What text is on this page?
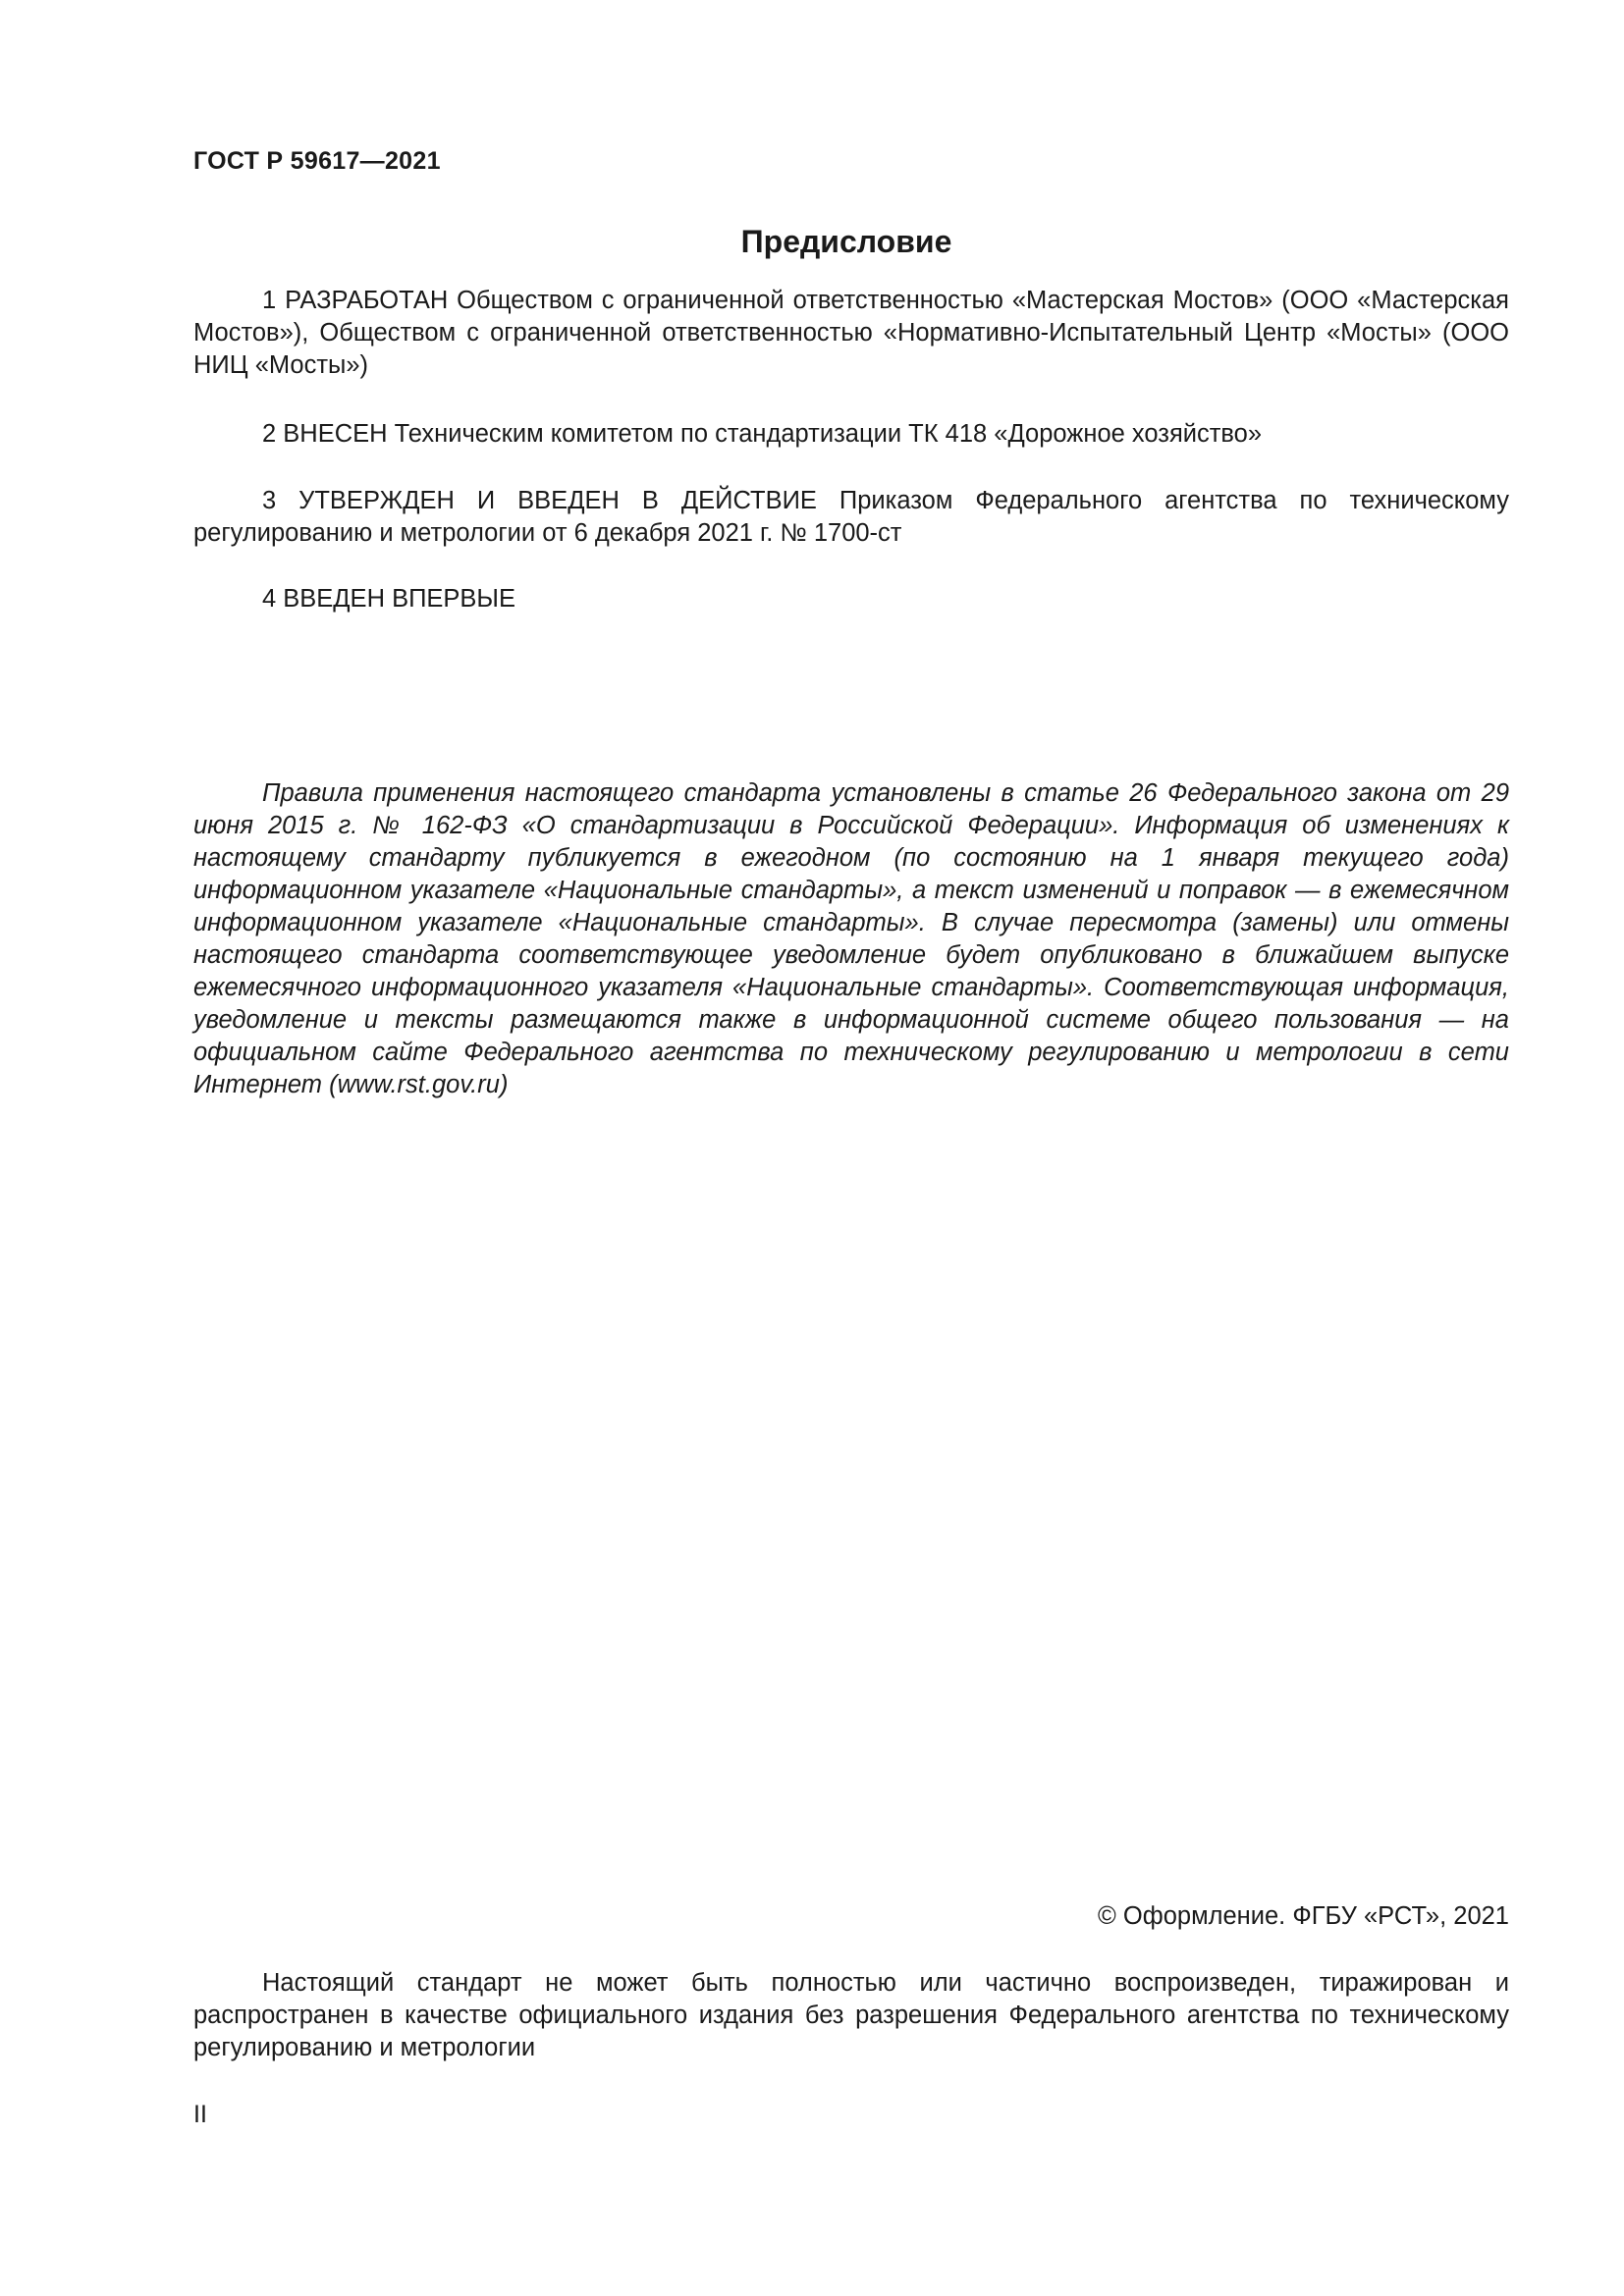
ГОСТ Р 59617—2021
Предисловие

1 РАЗРАБОТАН Обществом с ограниченной ответственностью «Мастерская Мостов» (ООО «Мастерская Мостов»), Обществом с ограниченной ответственностью «Нормативно-Испытательный Центр «Мосты» (ООО НИЦ «Мосты»)

2 ВНЕСЕН Техническим комитетом по стандартизации ТК 418 «Дорожное хозяйство»

3 УТВЕРЖДЕН И ВВЕДЕН В ДЕЙСТВИЕ Приказом Федерального агентства по техническому регулированию и метрологии от 6 декабря 2021 г. № 1700-ст

4 ВВЕДЕН ВПЕРВЫЕ

Правила применения настоящего стандарта установлены в статье 26 Федерального закона от 29 июня 2015 г. № 162-ФЗ «О стандартизации в Российской Федерации». Информация об изменениях к настоящему стандарту публикуется в ежегодном (по состоянию на 1 января текущего года) информационном указателе «Национальные стандарты», а текст изменений и поправок — в ежемесячном информационном указателе «Национальные стандарты». В случае пересмотра (замены) или отмены настоящего стандарта соответствующее уведомление будет опубликовано в ближайшем выпуске ежемесячного информационного указателя «Национальные стандарты». Соответствующая информация, уведомление и тексты размещаются также в информационной системе общего пользования — на официальном сайте Федерального агентства по техническому регулированию и метрологии в сети Интернет (www.rst.gov.ru)

© Оформление. ФГБУ «РСТ», 2021

Настоящий стандарт не может быть полностью или частично воспроизведен, тиражирован и распространен в качестве официального издания без разрешения Федерального агентства по техническому регулированию и метрологии

II
